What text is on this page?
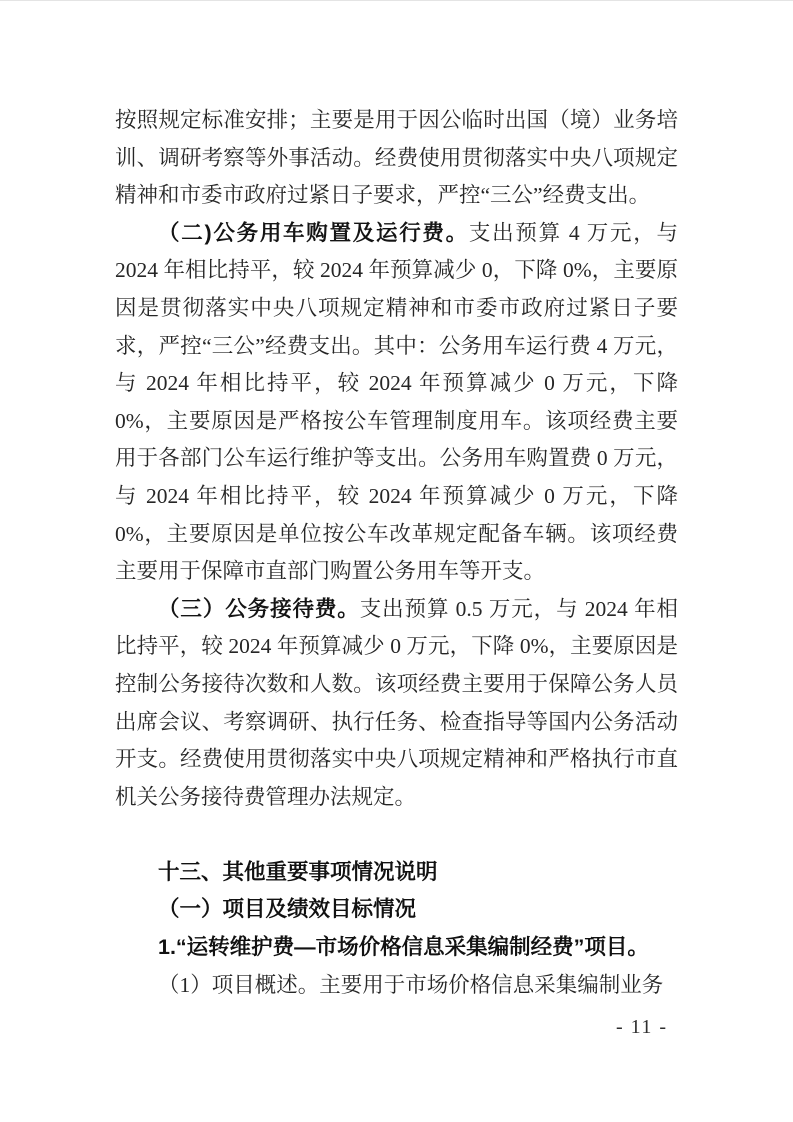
按照规定标准安排；主要是用于因公临时出国（境）业务培训、调研考察等外事活动。经费使用贯彻落实中央八项规定精神和市委市政府过紧日子要求，严控“三公”经费支出。

（二)公务用车购置及运行费。支出预算 4 万元，与 2024 年相比持平，较 2024 年预算减少 0，下降 0%，主要原因是贯彻落实中央八项规定精神和市委市政府过紧日子要求，严控“三公”经费支出。其中：公务用车运行费 4 万元，与 2024 年相比持平，较 2024 年预算减少 0 万元，下降 0%，主要原因是严格按公车管理制度用车。该项经费主要用于各部门公车运行维护等支出。公务用车购置费 0 万元，与 2024 年相比持平，较 2024 年预算减少 0 万元，下降 0%，主要原因是单位按公车改革规定配备车辆。该项经费主要用于保障市直部门购置公务用车等开支。

（三）公务接待费。支出预算 0.5 万元，与 2024 年相比持平，较 2024 年预算减少 0 万元，下降 0%，主要原因是控制公务接待次数和人数。该项经费主要用于保障公务人员出席会议、考察调研、执行任务、检查指导等国内公务活动开支。经费使用贯彻落实中央八项规定精神和严格执行市直机关公务接待费管理办法规定。

十三、其他重要事项情况说明
（一）项目及绩效目标情况
1.“运转维护费—市场价格信息采集编制经费”项目。

（1）项目概述。主要用于市场价格信息采集编制业务

- 11 -
